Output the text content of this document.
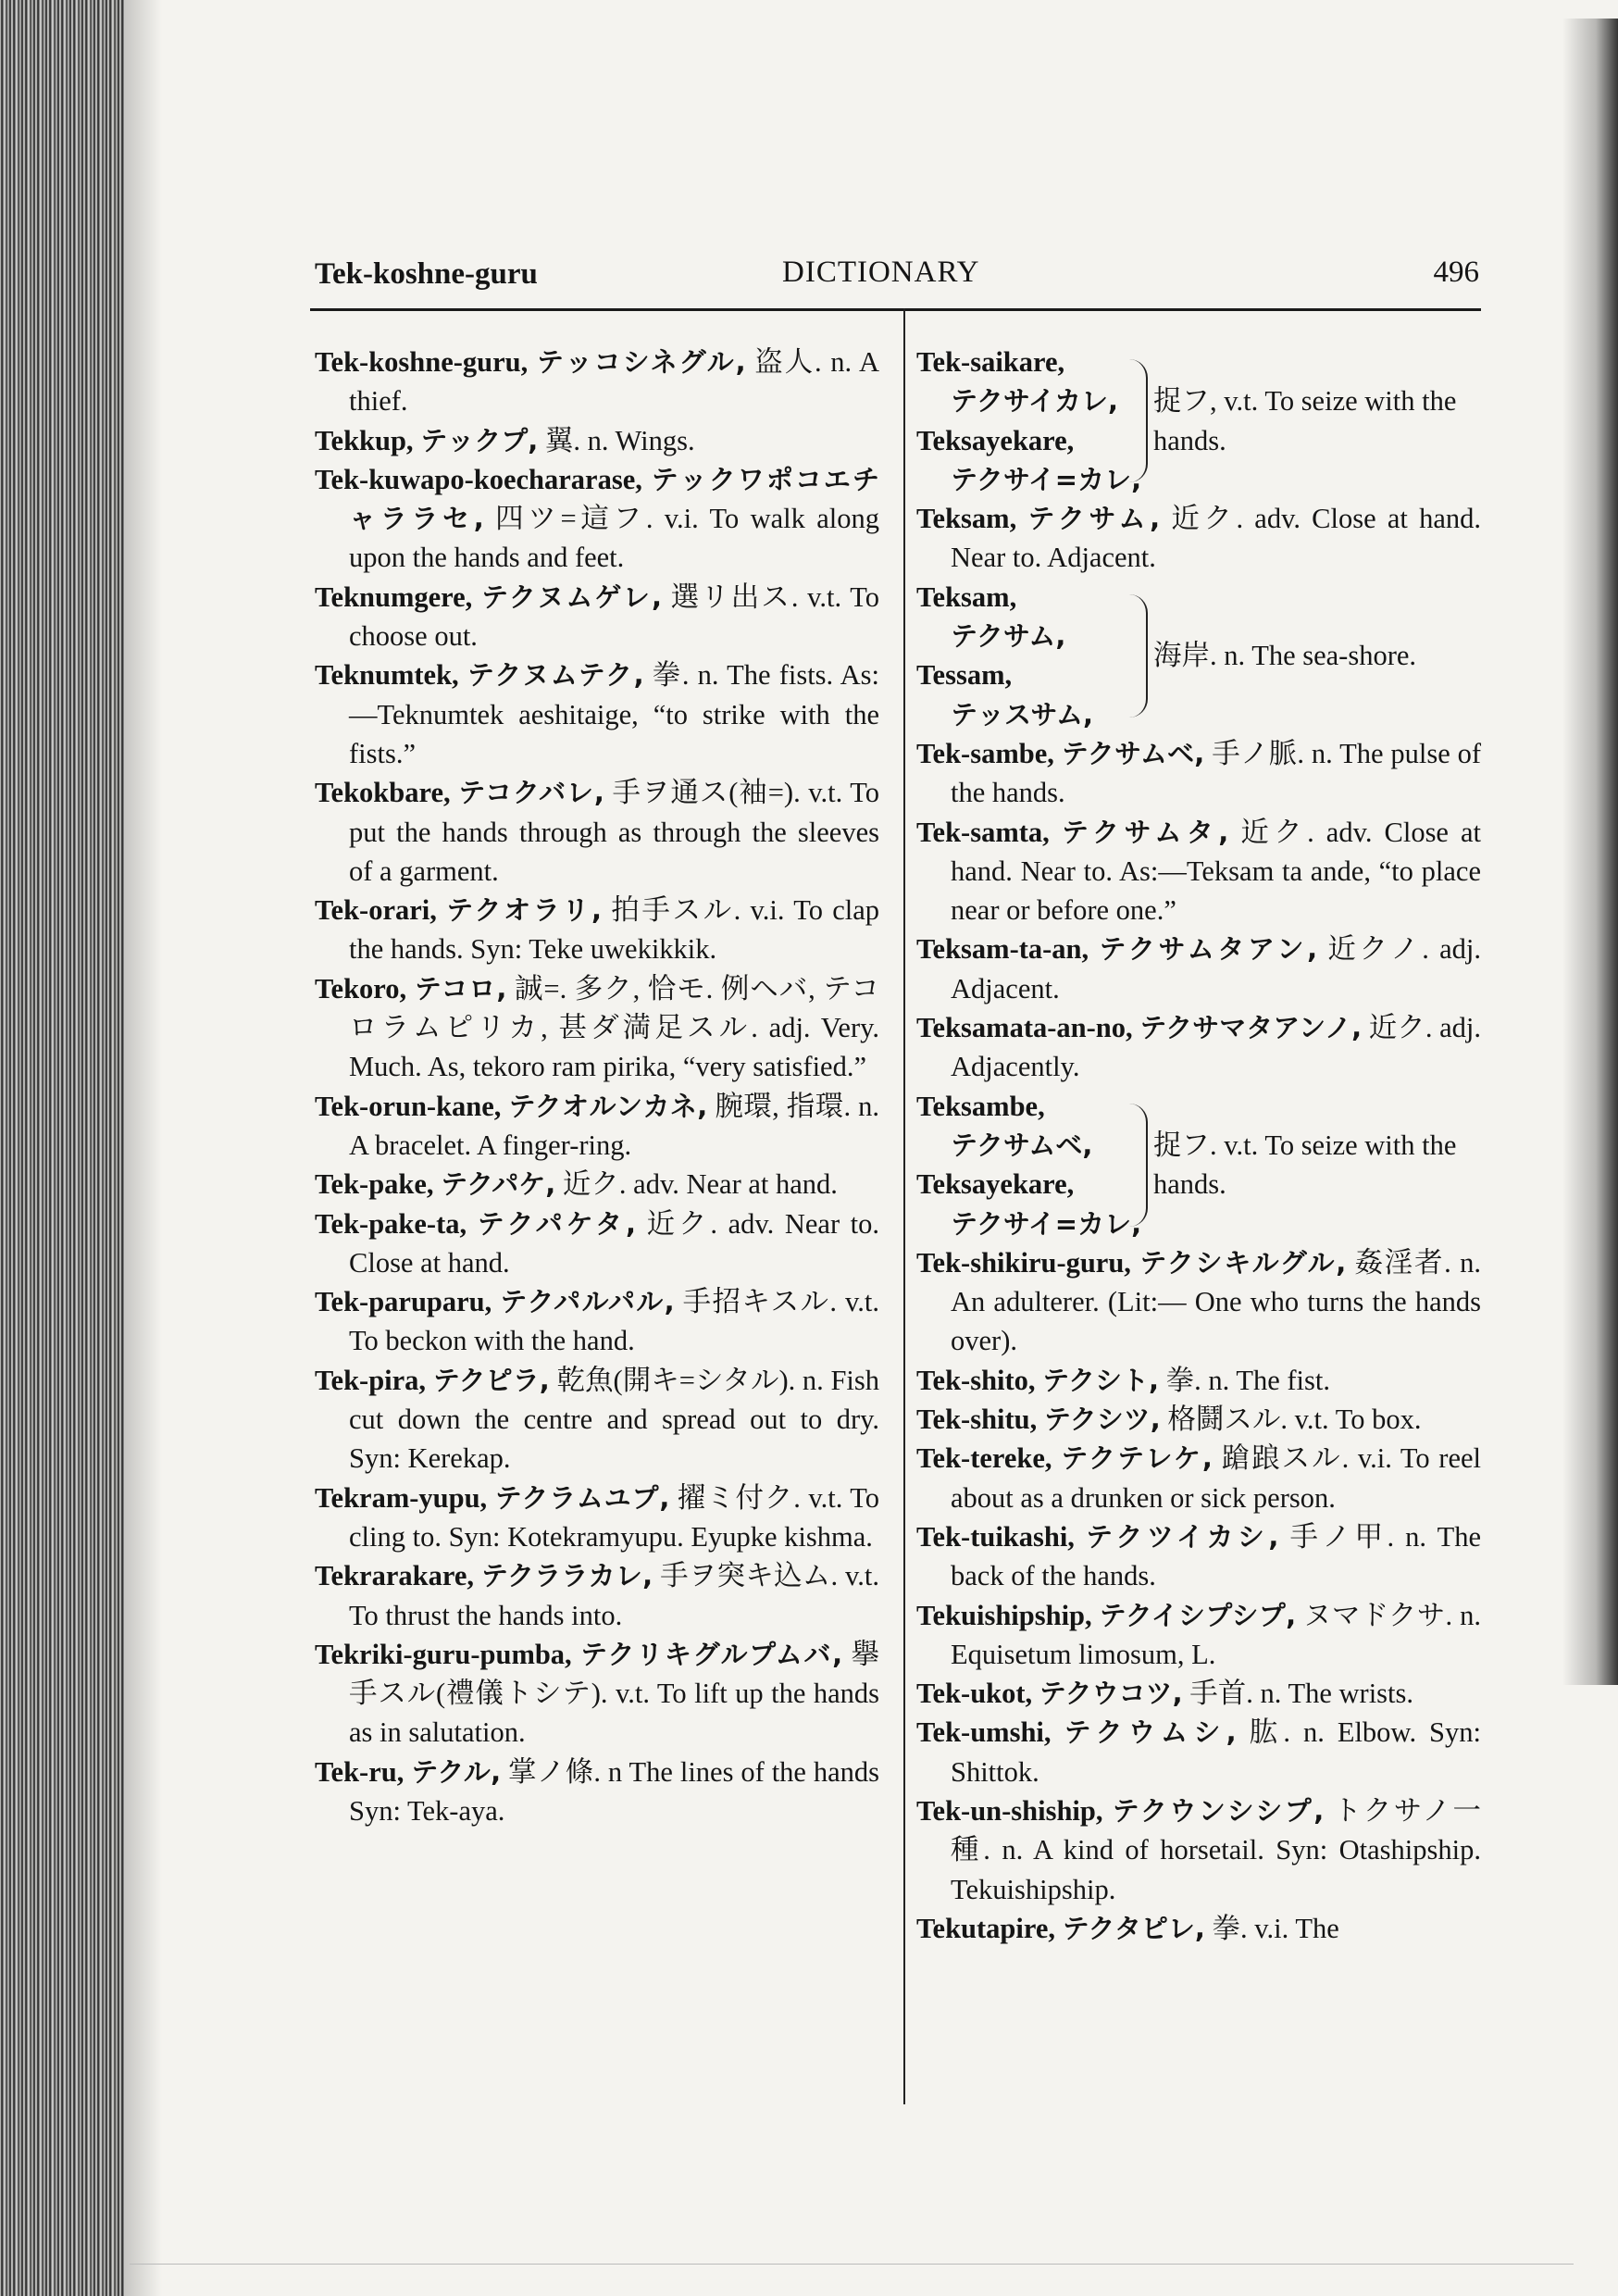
Tek-koshne-guru	DICTIONARY	496

Tek-koshne-guru, テッコシネグル, 盗人. n. A thief.

Tekkup, テックプ, 翼. n. Wings.

Tek-kuwapo-koechararase, テックワポコエチャララセ, 四ツ=這フ. v.i. To walk along upon the hands and feet.

Teknumgere, テクヌムゲレ, 選リ出ス. v.t. To choose out.

Teknumtek, テクヌムテク, 拳. n. The fists. As:—Teknumtek aeshitaige, “to strike with the fists.”

Tekokbare, テコクバレ, 手ヲ通ス(袖=). v.t. To put the hands through as through the sleeves of a garment.

Tek-orari, テクオラリ, 拍手スル. v.i. To clap the hands. Syn: Teke uwekikkik.

Tekoro, テコロ, 誠=. 多ク, 恰モ. 例ヘバ, テコロラムピリカ, 甚ダ満足スル. adj. Very. Much. As, tekoro ram pirika, “very satisfied.”

Tek-orun-kane, テクオルンカネ, 腕環, 指環. n. A bracelet. A finger-ring.

Tek-pake, テクパケ, 近ク. adv. Near at hand.

Tek-pake-ta, テクパケタ, 近ク. adv. Near to. Close at hand.

Tek-paruparu, テクパルパル, 手招キスル. v.t. To beckon with the hand.

Tek-pira, テクピラ, 乾魚(開キ=シタル). n. Fish cut down the centre and spread out to dry. Syn: Kerekap.

Tekram-yupu, テクラムユプ, 擢ミ付ク. v.t. To cling to. Syn: Kotekramyupu. Eyupke kishma.

Tekrarakare, テクララカレ, 手ヲ突キ込ム. v.t. To thrust the hands into.

Tekriki-guru-pumba, テクリキグルプムバ, 擧手スル(禮儀トシテ). v.t. To lift up the hands as in salutation.

Tek-ru, テクル, 掌ノ條. n The lines of the hands Syn: Tek-aya.

Tek-saikare,
テクサイカレ,
Teksayekare,
テクサイ=カレ,
捉フ, v.t. To seize with the hands.

Teksam, テクサム, 近ク. adv. Close at hand. Near to. Adjacent.

Teksam,
テクサム,
Tessam,
テッスサム,
海岸. n. The sea-shore.

Tek-sambe, テクサムベ, 手ノ脈. n. The pulse of the hands.

Tek-samta, テクサムタ, 近ク. adv. Close at hand. Near to. As:—Teksam ta ande, “to place near or before one.”

Teksam-ta-an, テクサムタアン, 近クノ. adj. Adjacent.

Teksamata-an-no, テクサマタアンノ, 近ク. adj. Adjacently.

Teksambe,
テクサムベ,
Teksayekare,
テクサイ=カレ,
捉フ. v.t. To seize with the hands.

Tek-shikiru-guru, テクシキルグル, 姦淫者. n. An adulterer. (Lit:— One who turns the hands over).

Tek-shito, テクシト, 拳. n. The fist.

Tek-shitu, テクシツ, 格鬪スル. v.t. To box.

Tek-tereke, テクテレケ, 蹌踉スル. v.i. To reel about as a drunken or sick person.

Tek-tuikashi, テクツイカシ, 手ノ甲. n. The back of the hands.

Tekuishipship, テクイシプシプ, ヌマドクサ. n. Equisetum limosum, L.

Tek-ukot, テクウコツ, 手首. n. The wrists.

Tek-umshi, テクウムシ, 肱. n. Elbow. Syn: Shittok.

Tek-un-shiship, テクウンシシプ, トクサノ一種. n. A kind of horsetail. Syn: Otashipship. Tekuishipship.

Tekutapire, テクタピレ, 拳. v.i. The
